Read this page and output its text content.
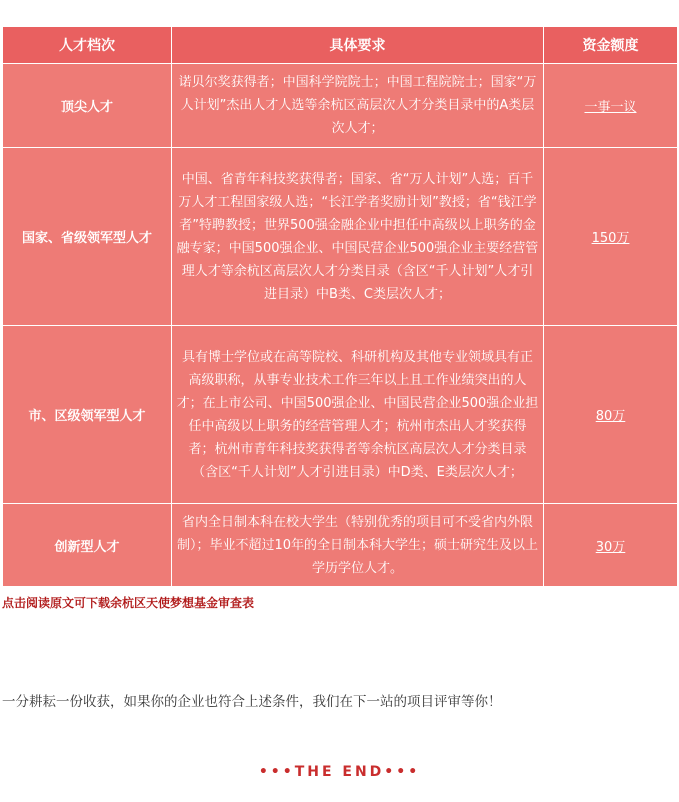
人才档次	具体要求	资金额度
顶尖人才	诺贝尔奖获得者；中国科学院院士；中国工程院院士；国家“万人计划”杰出人才人选等余杭区高层次人才分类目录中的A类层次人才；	一事一议
国家、省级领军型人才	中国、省青年科技奖获得者；国家、省“万人计划”人选；百千万人才工程国家级人选；“长江学者奖励计划”教授；省“钱江学者”特聘教授；世界500强金融企业中担任中高级以上职务的金融专家；中国500强企业、中国民营企业500强企业主要经营管理人才等余杭区高层次人才分类目录（含区“千人计划”人才引进目录）中B类、C类层次人才；	150万
市、区级领军型人才	具有博士学位或在高等院校、科研机构及其他专业领域具有正高级职称，从事专业技术工作三年以上且工作业绩突出的人才；在上市公司、中国500强企业、中国民营企业500强企业担任中高级以上职务的经营管理人才；杭州市杰出人才奖获得者；杭州市青年科技奖获得者等余杭区高层次人才分类目录（含区“千人计划”人才引进目录）中D类、E类层次人才；	80万
创新型人才	省内全日制本科在校大学生（特别优秀的项目可不受省内外限制）；毕业不超过10年的全日制本科大学生；硕士研究生及以上学历学位人才。	30万
点击阅读原文可下载余杭区天使梦想基金审查表
一分耕耘一份收获，如果你的企业也符合上述条件，我们在下一站的项目评审等你！
•••THE END•••
